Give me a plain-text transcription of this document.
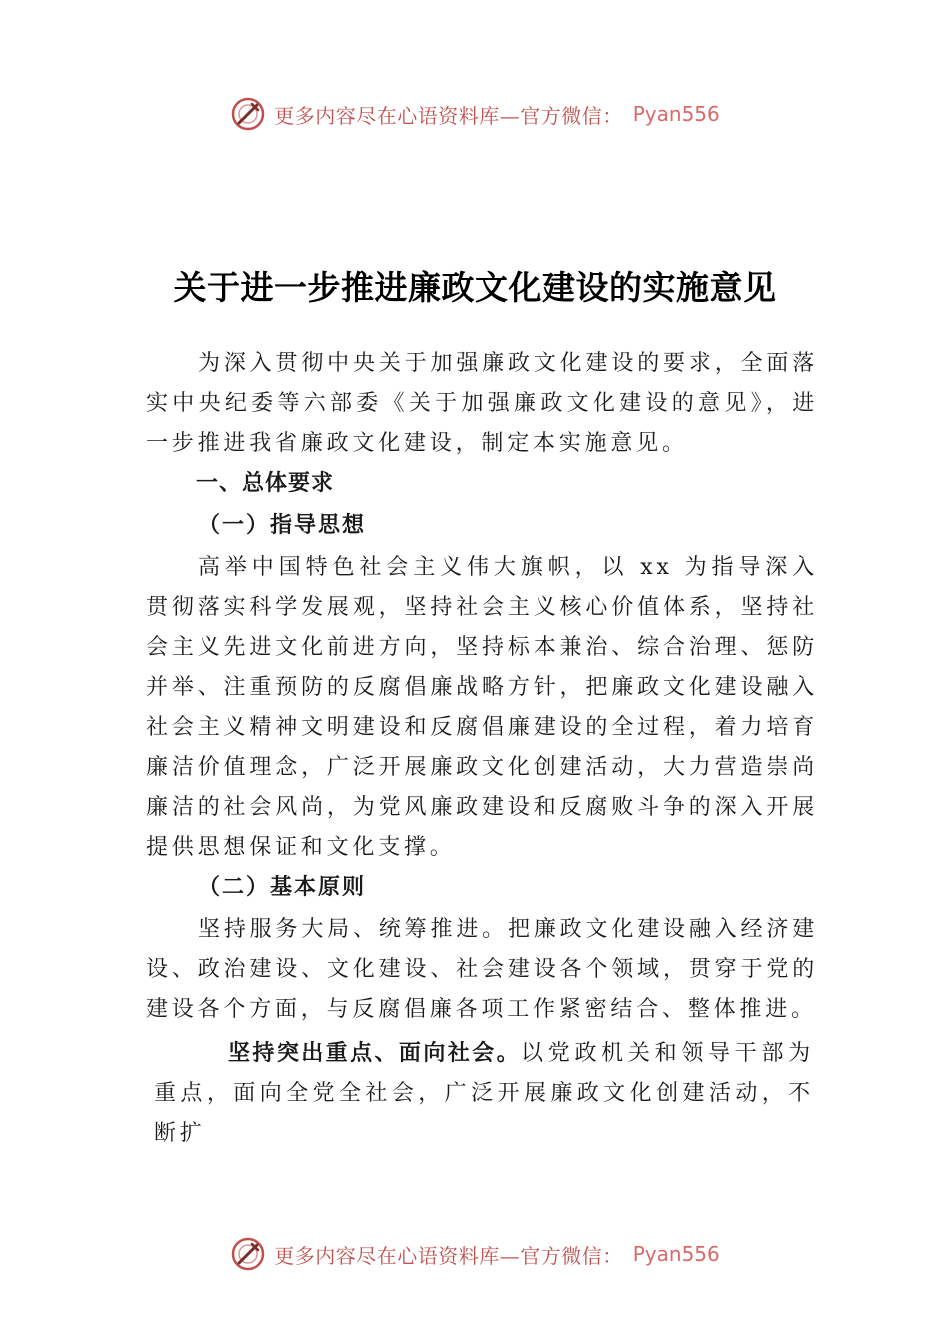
更多内容尽在心语资料库—官方微信： Pyan556
关于进一步推进廉政文化建设的实施意见

为深入贯彻中央关于加强廉政文化建设的要求，全面落实中央纪委等六部委《关于加强廉政文化建设的意见》，进一步推进我省廉政文化建设，制定本实施意见。

一、总体要求

（一）指导思想

高举中国特色社会主义伟大旗帜，以 xx 为指导深入贯彻落实科学发展观，坚持社会主义核心价值体系，坚持社会主义先进文化前进方向，坚持标本兼治、综合治理、惩防并举、注重预防的反腐倡廉战略方针，把廉政文化建设融入社会主义精神文明建设和反腐倡廉建设的全过程，着力培育廉洁价值理念，广泛开展廉政文化创建活动，大力营造崇尚廉洁的社会风尚，为党风廉政建设和反腐败斗争的深入开展提供思想保证和文化支撑。

（二）基本原则

坚持服务大局、统筹推进。把廉政文化建设融入经济建设、政治建设、文化建设、社会建设各个领域，贯穿于党的建设各个方面，与反腐倡廉各项工作紧密结合、整体推进。

坚持突出重点、面向社会。以党政机关和领导干部为重点，面向全党全社会，广泛开展廉政文化创建活动，不断扩

更多内容尽在心语资料库—官方微信： Pyan556
